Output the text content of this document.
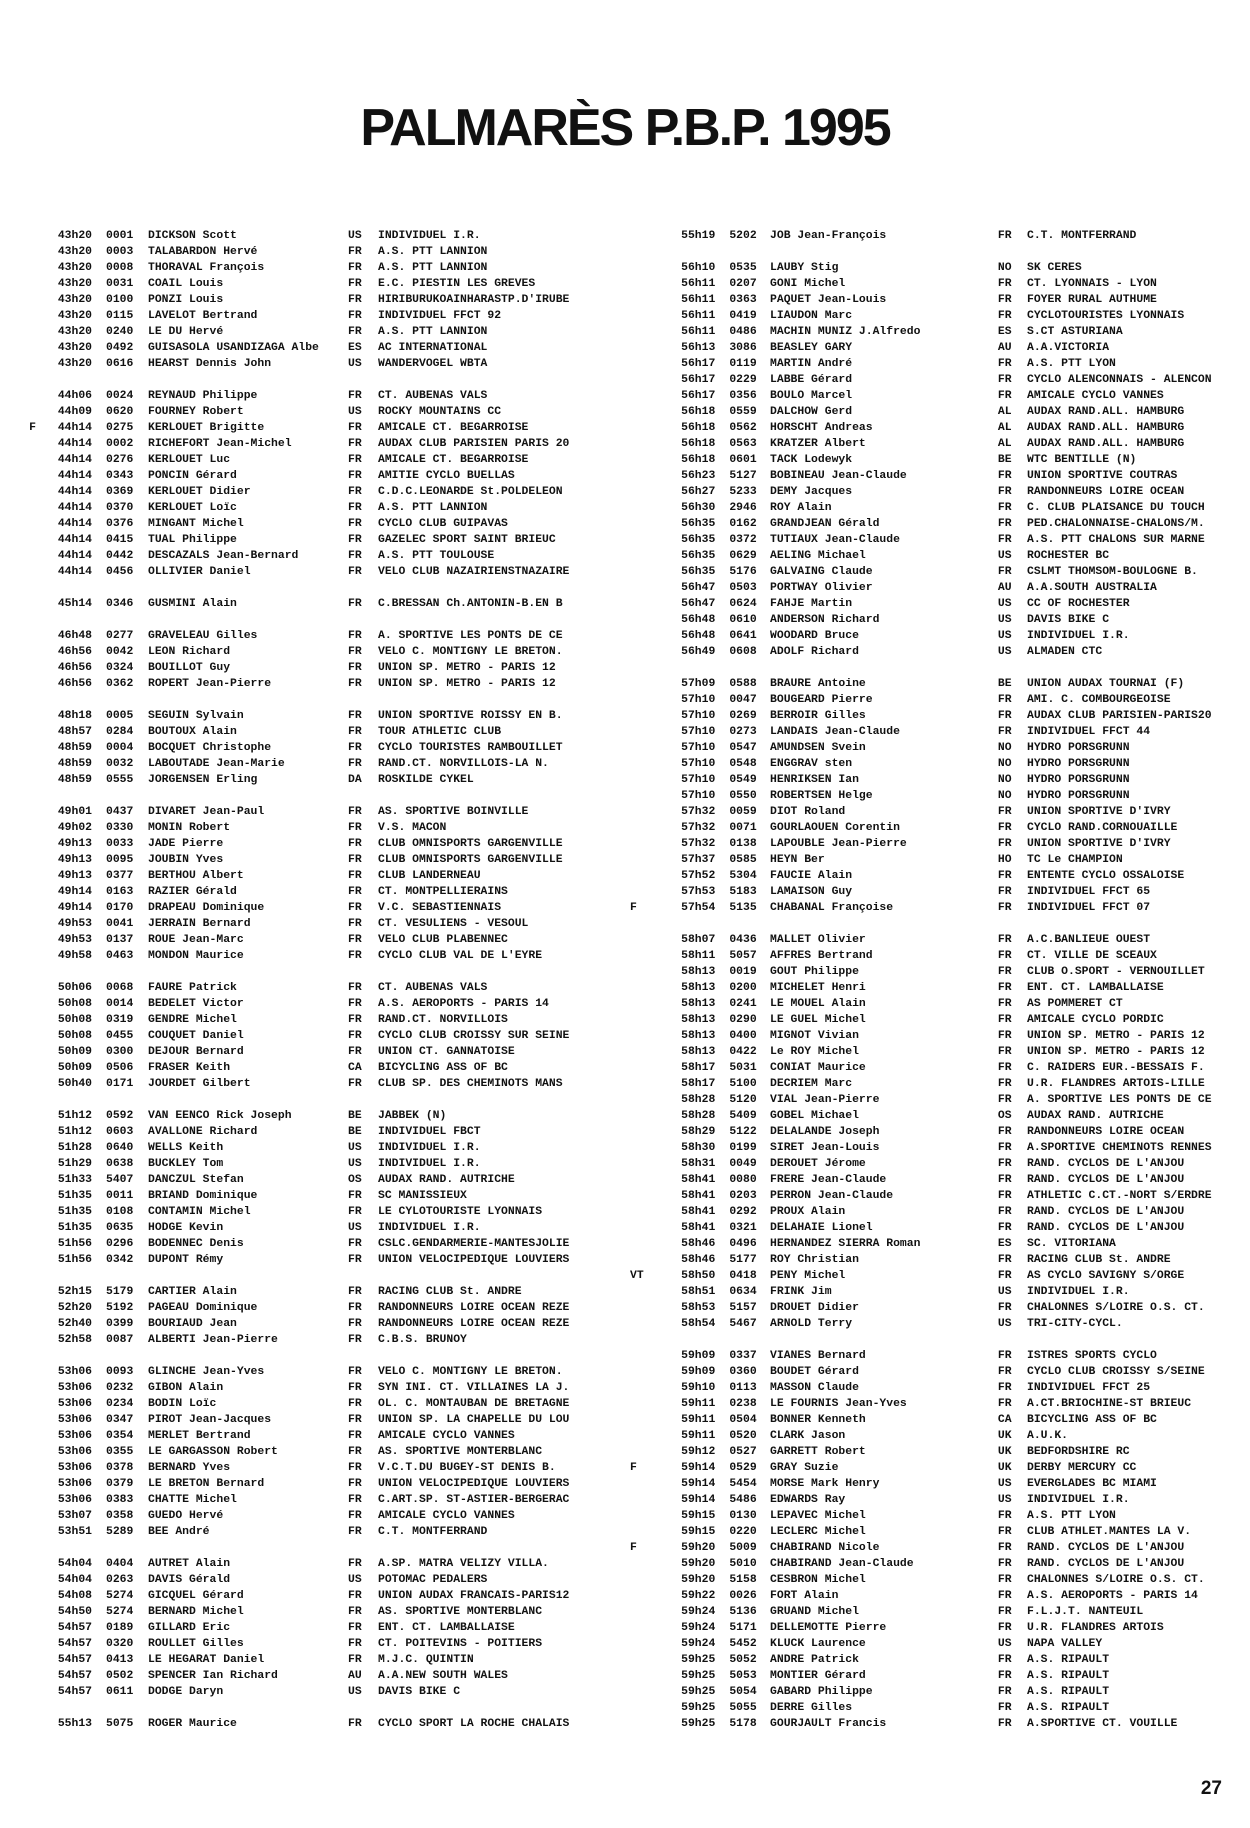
PALMARÈS P.B.P. 1995
43h20	0001	DICKSON Scott	US	INDIVIDUEL I.R.
43h20	0003	TALABARDON Hervé	FR	A.S. PTT LANNION
43h20	0008	THORAVAL François	FR	A.S. PTT LANNION
43h20	0031	COAIL Louis	FR	E.C. PIESTIN LES GREVES
43h20	0100	PONZI Louis	FR	HIRIBURUKOAINHARASTP.D'IRUBE
43h20	0115	LAVELOT Bertrand	FR	INDIVIDUEL FFCT 92
43h20	0240	LE DU Hervé	FR	A.S. PTT LANNION
43h20	0492	GUISASOLA USANDIZAGA Albe	ES	AC INTERNATIONAL
43h20	0616	HEARST Dennis John	US	WANDERVOGEL WBTA
44h06	0024	REYNAUD Philippe	FR	CT. AUBENAS VALS
44h09	0620	FOURNEY Robert	US	ROCKY MOUNTAINS CC
F	44h14	0275	KERLOUET Brigitte	FR	AMICALE CT. BEGARROISE
44h14	0002	RICHEFORT Jean-Michel	FR	AUDAX CLUB PARISIEN PARIS 20
44h14	0276	KERLOUET Luc	FR	AMICALE CT. BEGARROISE
44h14	0343	PONCIN Gérard	FR	AMITIE CYCLO BUELLAS
44h14	0369	KERLOUET Didier	FR	C.D.C.LEONARDE St.POLDELEON
44h14	0370	KERLOUET Loïc	FR	A.S. PTT LANNION
44h14	0376	MINGANT Michel	FR	CYCLO CLUB GUIPAVAS
44h14	0415	TUAL Philippe	FR	GAZELEC SPORT SAINT BRIEUC
44h14	0442	DESCAZALS Jean-Bernard	FR	A.S. PTT TOULOUSE
44h14	0456	OLLIVIER Daniel	FR	VELO CLUB NAZAIRIENSTNAZAIRE
45h14	0346	GUSMINI Alain	FR	C.BRESSAN Ch.ANTONIN-B.EN B
46h48	0277	GRAVELEAU Gilles	FR	A. SPORTIVE LES PONTS DE CE
46h56	0042	LEON Richard	FR	VELO C. MONTIGNY LE BRETON.
46h56	0324	BOUILLOT Guy	FR	UNION SP. METRO - PARIS 12
46h56	0362	ROPERT Jean-Pierre	FR	UNION SP. METRO - PARIS 12
48h18	0005	SEGUIN Sylvain	FR	UNION SPORTIVE ROISSY EN B.
48h57	0284	BOUTOUX Alain	FR	TOUR ATHLETIC CLUB
48h59	0004	BOCQUET Christophe	FR	CYCLO TOURISTES RAMBOUILLET
48h59	0032	LABOUTADE Jean-Marie	FR	RAND.CT. NORVILLOIS-LA N.
48h59	0555	JORGENSEN Erling	DA	ROSKILDE CYKEL
49h01	0437	DIVARET Jean-Paul	FR	AS. SPORTIVE BOINVILLE
49h02	0330	MONIN Robert	FR	V.S. MACON
49h13	0033	JADE Pierre	FR	CLUB OMNISPORTS GARGENVILLE
49h13	0095	JOUBIN Yves	FR	CLUB OMNISPORTS GARGENVILLE
49h13	0377	BERTHOU Albert	FR	CLUB LANDERNEAU
49h14	0163	RAZIER Gérald	FR	CT. MONTPELLIERAINS
49h14	0170	DRAPEAU Dominique	FR	V.C. SEBASTIENNAIS
49h53	0041	JERRAIN Bernard	FR	CT. VESULIENS - VESOUL
49h53	0137	ROUE Jean-Marc	FR	VELO CLUB PLABENNEC
49h58	0463	MONDON Maurice	FR	CYCLO CLUB VAL DE L'EYRE
50h06	0068	FAURE Patrick	FR	CT. AUBENAS VALS
50h08	0014	BEDELET Victor	FR	A.S. AEROPORTS - PARIS 14
50h08	0319	GENDRE Michel	FR	RAND.CT. NORVILLOIS
50h08	0455	COUQUET Daniel	FR	CYCLO CLUB CROISSY SUR SEINE
50h09	0300	DEJOUR Bernard	FR	UNION CT. GANNATOISE
50h09	0506	FRASER Keith	CA	BICYCLING ASS OF BC
50h40	0171	JOURDET Gilbert	FR	CLUB SP. DES CHEMINOTS MANS
51h12	0592	VAN EENCO Rick Joseph	BE	JABBEK (N)
51h12	0603	AVALLONE Richard	BE	INDIVIDUEL FBCT
51h28	0640	WELLS Keith	US	INDIVIDUEL I.R.
51h29	0638	BUCKLEY Tom	US	INDIVIDUEL I.R.
51h33	5407	DANCZUL Stefan	OS	AUDAX RAND. AUTRICHE
51h35	0011	BRIAND Dominique	FR	SC MANISSIEUX
51h35	0108	CONTAMIN Michel	FR	LE CYLOTOURISTE LYONNAIS
51h35	0635	HODGE Kevin	US	INDIVIDUEL I.R.
51h56	0296	BODENNEC Denis	FR	CSLC.GENDARMERIE-MANTESJOLIE
51h56	0342	DUPONT Rémy	FR	UNION VELOCIPEDIQUE LOUVIERS
52h15	5179	CARTIER Alain	FR	RACING CLUB St. ANDRE
52h20	5192	PAGEAU Dominique	FR	RANDONNEURS LOIRE OCEAN REZE
52h40	0399	BOURIAUD Jean	FR	RANDONNEURS LOIRE OCEAN REZE
52h58	0087	ALBERTI Jean-Pierre	FR	C.B.S. BRUNOY
53h06	0093	GLINCHE Jean-Yves	FR	VELO C. MONTIGNY LE BRETON.
53h06	0232	GIBON Alain	FR	SYN INI. CT. VILLAINES LA J.
53h06	0234	BODIN Loïc	FR	OL. C. MONTAUBAN DE BRETAGNE
53h06	0347	PIROT Jean-Jacques	FR	UNION SP. LA CHAPELLE DU LOU
53h06	0354	MERLET Bertrand	FR	AMICALE CYCLO VANNES
53h06	0355	LE GARGASSON Robert	FR	AS. SPORTIVE MONTERBLANC
53h06	0378	BERNARD Yves	FR	V.C.T.DU BUGEY-ST DENIS B.
53h06	0379	LE BRETON Bernard	FR	UNION VELOCIPEDIQUE LOUVIERS
53h06	0383	CHATTE Michel	FR	C.ART.SP. ST-ASTIER-BERGERAC
53h07	0358	GUEDO Hervé	FR	AMICALE CYCLO VANNES
53h51	5289	BEE André	FR	C.T. MONTFERRAND
54h04	0404	AUTRET Alain	FR	A.SP. MATRA VELIZY VILLA.
54h04	0263	DAVIS Gérald	US	POTOMAC PEDALERS
54h08	5274	GICQUEL Gérard	FR	UNION AUDAX FRANCAIS-PARIS12
54h50	5274	BERNARD Michel	FR	AS. SPORTIVE MONTERBLANC
54h57	0189	GILLARD Eric	FR	ENT. CT. LAMBALLAISE
54h57	0320	ROULLET Gilles	FR	CT. POITEVINS - POITIERS
54h57	0413	LE HEGARAT Daniel	FR	M.J.C. QUINTIN
54h57	0502	SPENCER Ian Richard	AU	A.A.NEW SOUTH WALES
54h57	0611	DODGE Daryn	US	DAVIS BIKE C
55h13	5075	ROGER Maurice	FR	CYCLO SPORT LA ROCHE CHALAIS
55h19	5202	JOB Jean-François	FR	C.T. MONTFERRAND
56h10	0535	LAUBY Stig	NO	SK CERES
56h11	0207	GONI Michel	FR	CT. LYONNAIS - LYON
56h11	0363	PAQUET Jean-Louis	FR	FOYER RURAL AUTHUME
56h11	0419	LIAUDON Marc	FR	CYCLOTOURISTES LYONNAIS
56h11	0486	MACHIN MUNIZ J.Alfredo	ES	S.CT ASTURIANA
56h13	3086	BEASLEY GARY	AU	A.A.VICTORIA
56h17	0119	MARTIN André	FR	A.S. PTT LYON
56h17	0229	LABBE Gérard	FR	CYCLO ALENCONNAIS - ALENCON
56h17	0356	BOULO Marcel	FR	AMICALE CYCLO VANNES
56h18	0559	DALCHOW Gerd	AL	AUDAX RAND.ALL. HAMBURG
56h18	0562	HORSCHT Andreas	AL	AUDAX RAND.ALL. HAMBURG
56h18	0563	KRATZER Albert	AL	AUDAX RAND.ALL. HAMBURG
56h18	0601	TACK Lodewyk	BE	WTC BENTILLE (N)
56h23	5127	BOBINEAU Jean-Claude	FR	UNION SPORTIVE COUTRAS
56h27	5233	DEMY Jacques	FR	RANDONNEURS LOIRE OCEAN
56h30	2946	ROY Alain	FR	C. CLUB PLAISANCE DU TOUCH
56h35	0162	GRANDJEAN Gérald	FR	PED.CHALONNAISE-CHALONS/M.
56h35	0372	TUTIAUX Jean-Claude	FR	A.S. PTT CHALONS SUR MARNE
56h35	0629	AELING Michael	US	ROCHESTER BC
56h35	5176	GALVAING Claude	FR	CSLMT THOMSOM-BOULOGNE B.
56h47	0503	PORTWAY Olivier	AU	A.A.SOUTH AUSTRALIA
56h47	0624	FAHJE Martin	US	CC OF ROCHESTER
56h48	0610	ANDERSON Richard	US	DAVIS BIKE C
56h48	0641	WOODARD Bruce	US	INDIVIDUEL I.R.
56h49	0608	ADOLF Richard	US	ALMADEN CTC
57h09	0588	BRAURE Antoine	BE	UNION AUDAX TOURNAI (F)
57h10	0047	BOUGEARD Pierre	FR	AMI. C. COMBOURGEOISE
57h10	0269	BERROIR Gilles	FR	AUDAX CLUB PARISIEN-PARIS20
57h10	0273	LANDAIS Jean-Claude	FR	INDIVIDUEL FFCT 44
57h10	0547	AMUNDSEN Svein	NO	HYDRO PORSGRUNN
57h10	0548	ENGGRAV sten	NO	HYDRO PORSGRUNN
57h10	0549	HENRIKSEN Ian	NO	HYDRO PORSGRUNN
57h10	0550	ROBERTSEN Helge	NO	HYDRO PORSGRUNN
57h32	0059	DIOT Roland	FR	UNION SPORTIVE D'IVRY
57h32	0071	GOURLAOUEN Corentin	FR	CYCLO RAND.CORNOUAILLE
57h32	0138	LAPOUBLE Jean-Pierre	FR	UNION SPORTIVE D'IVRY
57h37	0585	HEYN Ber	HO	TC Le CHAMPION
57h52	5304	FAUCIE Alain	FR	ENTENTE CYCLO OSSALOISE
57h53	5183	LAMAISON Guy	FR	INDIVIDUEL FFCT 65
F	57h54	5135	CHABANAL Françoise	FR	INDIVIDUEL FFCT 07
58h07	0436	MALLET Olivier	FR	A.C.BANLIEUE OUEST
58h11	5057	AFFRES Bertrand	FR	CT. VILLE DE SCEAUX
58h13	0019	GOUT Philippe	FR	CLUB O.SPORT - VERNOUILLET
58h13	0200	MICHELET Henri	FR	ENT. CT. LAMBALLAISE
58h13	0241	LE MOUEL Alain	FR	AS POMMERET CT
58h13	0290	LE GUEL Michel	FR	AMICALE CYCLO PORDIC
58h13	0400	MIGNOT Vivian	FR	UNION SP. METRO - PARIS 12
58h13	0422	Le ROY Michel	FR	UNION SP. METRO - PARIS 12
58h17	5031	CONIAT Maurice	FR	C. RAIDERS EUR.-BESSAIS F.
58h17	5100	DECRIEM Marc	FR	U.R. FLANDRES ARTOIS-LILLE
58h28	5120	VIAL Jean-Pierre	FR	A. SPORTIVE LES PONTS DE CE
58h28	5409	GOBEL Michael	OS	AUDAX RAND. AUTRICHE
58h29	5122	DELALANDE Joseph	FR	RANDONNEURS LOIRE OCEAN
58h30	0199	SIRET Jean-Louis	FR	A.SPORTIVE CHEMINOTS RENNES
58h31	0049	DEROUET Jérome	FR	RAND. CYCLOS DE L'ANJOU
58h41	0080	FRERE Jean-Claude	FR	RAND. CYCLOS DE L'ANJOU
58h41	0203	PERRON Jean-Claude	FR	ATHLETIC C.CT.-NORT S/ERDRE
58h41	0292	PROUX Alain	FR	RAND. CYCLOS DE L'ANJOU
58h41	0321	DELAHAIE Lionel	FR	RAND. CYCLOS DE L'ANJOU
58h46	0496	HERNANDEZ SIERRA Roman	ES	SC. VITORIANA
58h46	5177	ROY Christian	FR	RACING CLUB St. ANDRE
VT	58h50	0418	PENY Michel	FR	AS CYCLO SAVIGNY S/ORGE
58h51	0634	FRINK Jim	US	INDIVIDUEL I.R.
58h53	5157	DROUET Didier	FR	CHALONNES S/LOIRE O.S. CT.
58h54	5467	ARNOLD Terry	US	TRI-CITY-CYCL.
59h09	0337	VIANES Bernard	FR	ISTRES SPORTS CYCLO
59h09	0360	BOUDET Gérard	FR	CYCLO CLUB CROISSY S/SEINE
59h10	0113	MASSON Claude	FR	INDIVIDUEL FFCT 25
59h11	0238	LE FOURNIS Jean-Yves	FR	A.CT.BRIOCHINE-ST BRIEUC
59h11	0504	BONNER Kenneth	CA	BICYCLING ASS OF BC
59h11	0520	CLARK Jason	UK	A.U.K.
59h12	0527	GARRETT Robert	UK	BEDFORDSHIRE RC
F	59h14	0529	GRAY Suzie	UK	DERBY MERCURY CC
59h14	5454	MORSE Mark Henry	US	EVERGLADES BC MIAMI
59h14	5486	EDWARDS Ray	US	INDIVIDUEL I.R.
59h15	0130	LEPAVEC Michel	FR	A.S. PTT LYON
59h15	0220	LECLERC Michel	FR	CLUB ATHLET.MANTES LA V.
F	59h20	5009	CHABIRAND Nicole	FR	RAND. CYCLOS DE L'ANJOU
59h20	5010	CHABIRAND Jean-Claude	FR	RAND. CYCLOS DE L'ANJOU
59h20	5158	CESBRON Michel	FR	CHALONNES S/LOIRE O.S. CT.
59h22	0026	FORT Alain	FR	A.S. AEROPORTS - PARIS 14
59h24	5136	GRUAND Michel	FR	F.L.J.T. NANTEUIL
59h24	5171	DELLEMOTTE Pierre	FR	U.R. FLANDRES ARTOIS
59h24	5452	KLUCK Laurence	US	NAPA VALLEY
59h25	5052	ANDRE Patrick	FR	A.S. RIPAULT
59h25	5053	MONTIER Gérard	FR	A.S. RIPAULT
59h25	5054	GABARD Philippe	FR	A.S. RIPAULT
59h25	5055	DERRE Gilles	FR	A.S. RIPAULT
59h25	5178	GOURJAULT Francis	FR	A.SPORTIVE CT. VOUILLE
27
